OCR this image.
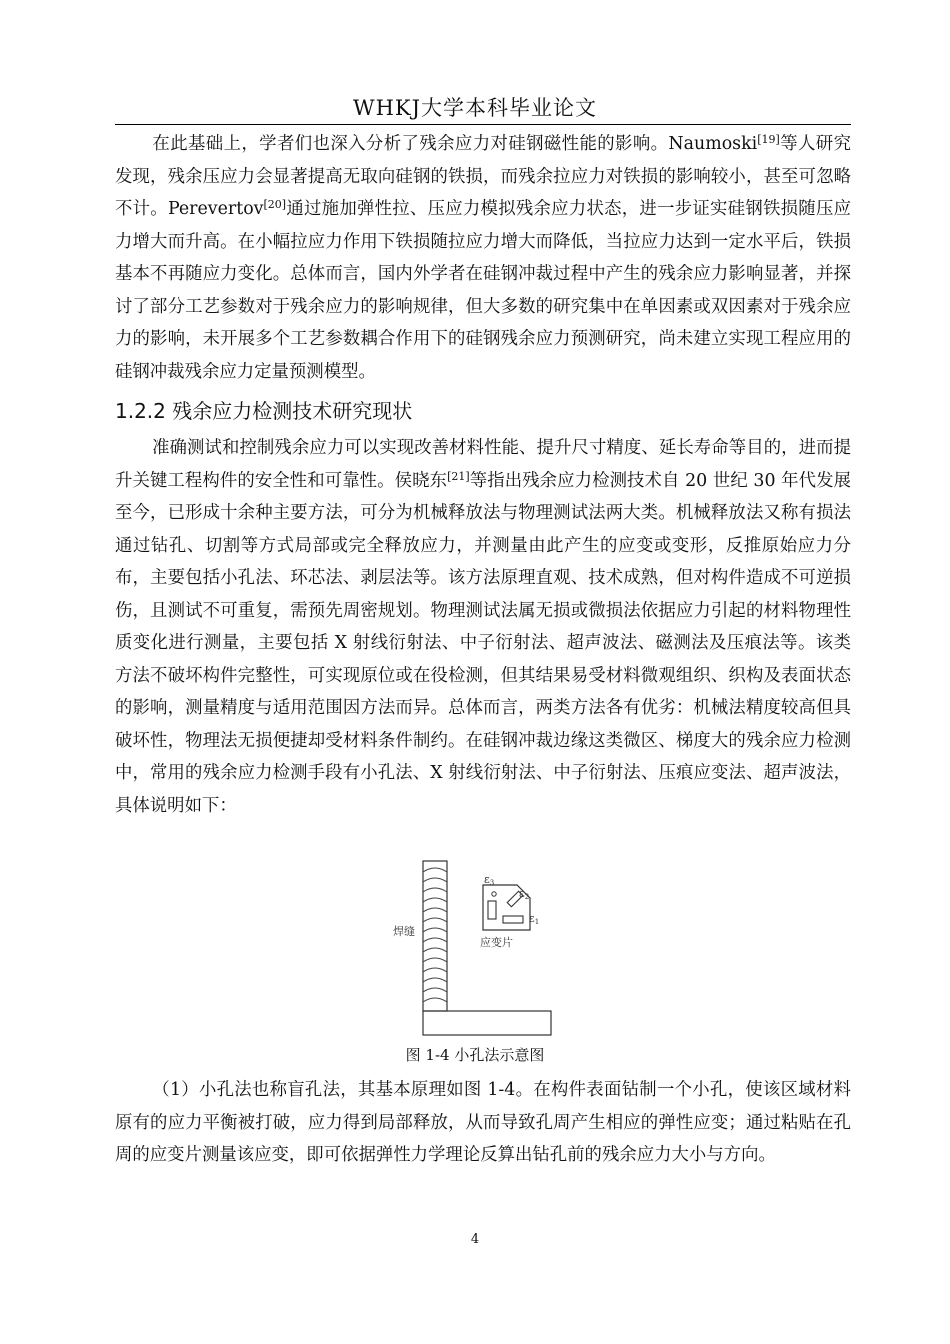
WHKJ大学本科毕业论文

在此基础上，学者们也深入分析了残余应力对硅钢磁性能的影响。Naumoski[19]等人研究发现，残余压应力会显著提高无取向硅钢的铁损，而残余拉应力对铁损的影响较小，甚至可忽略不计。Perevertov[20]通过施加弹性拉、压应力模拟残余应力状态，进一步证实硅钢铁损随压应力增大而升高。在小幅拉应力作用下铁损随拉应力增大而降低，当拉应力达到一定水平后，铁损基本不再随应力变化。总体而言，国内外学者在硅钢冲裁过程中产生的残余应力影响显著，并探讨了部分工艺参数对于残余应力的影响规律，但大多数的研究集中在单因素或双因素对于残余应力的影响，未开展多个工艺参数耦合作用下的硅钢残余应力预测研究，尚未建立实现工程应用的硅钢冲裁残余应力定量预测模型。

1.2.2 残余应力检测技术研究现状

准确测试和控制残余应力可以实现改善材料性能、提升尺寸精度、延长寿命等目的，进而提升关键工程构件的安全性和可靠性。侯晓东[21]等指出残余应力检测技术自 20 世纪 30 年代发展至今，已形成十余种主要方法，可分为机械释放法与物理测试法两大类。机械释放法又称有损法通过钻孔、切割等方式局部或完全释放应力，并测量由此产生的应变或变形，反推原始应力分布，主要包括小孔法、环芯法、剥层法等。该方法原理直观、技术成熟，但对构件造成不可逆损伤，且测试不可重复，需预先周密规划。物理测试法属无损或微损法依据应力引起的材料物理性质变化进行测量，主要包括 X 射线衍射法、中子衍射法、超声波法、磁测法及压痕法等。该类方法不破坏构件完整性，可实现原位或在役检测，但其结果易受材料微观组织、织构及表面状态的影响，测量精度与适用范围因方法而异。总体而言，两类方法各有优劣：机械法精度较高但具破坏性，物理法无损便捷却受材料条件制约。在硅钢冲裁边缘这类微区、梯度大的残余应力检测中，常用的残余应力检测手段有小孔法、X 射线衍射法、中子衍射法、压痕应变法、超声波法，具体说明如下：

ε3
ε2
ε1
焊缝
应变片
图 1-4 小孔法示意图

（1）小孔法也称盲孔法，其基本原理如图 1-4。在构件表面钻制一个小孔，使该区域材料原有的应力平衡被打破，应力得到局部释放，从而导致孔周产生相应的弹性应变；通过粘贴在孔周的应变片测量该应变，即可依据弹性力学理论反算出钻孔前的残余应力大小与方向。

4
